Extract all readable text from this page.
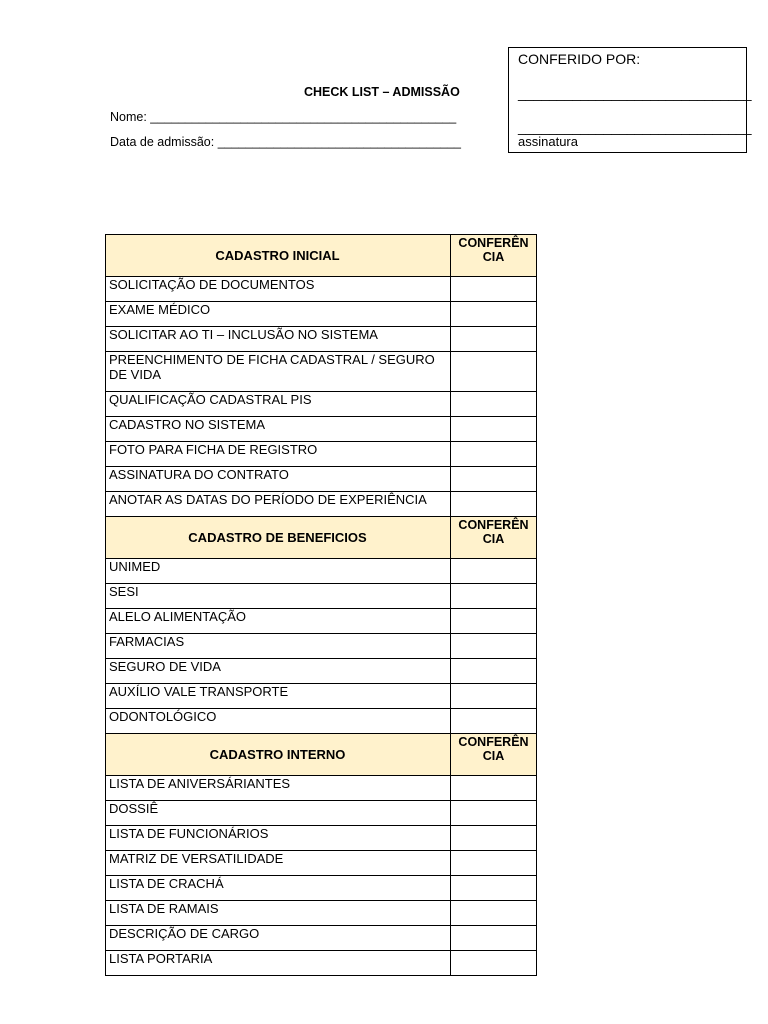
CHECK LIST – ADMISSÃO
Nome: ____________________________________________
Data de admissão: ___________________________________
CONFERIDO POR:
______________________________
______________________________
assinatura
CADASTRO INICIAL	CONFERÊN CIA
SOLICITAÇÃO DE DOCUMENTOS	
EXAME MÉDICO	
SOLICITAR AO TI – INCLUSÃO NO SISTEMA	
PREENCHIMENTO DE FICHA CADASTRAL / SEGURO DE VIDA	
QUALIFICAÇÃO CADASTRAL PIS	
CADASTRO NO SISTEMA	
FOTO PARA FICHA DE REGISTRO	
ASSINATURA DO CONTRATO	
ANOTAR AS DATAS DO PERÍODO DE EXPERIÊNCIA	
CADASTRO DE BENEFICIOS	CONFERÊN CIA
UNIMED	
SESI	
ALELO ALIMENTAÇÃO	
FARMACIAS	
SEGURO DE VIDA	
AUXÍLIO VALE TRANSPORTE	
ODONTOLÓGICO	
CADASTRO INTERNO	CONFERÊN CIA
LISTA DE ANIVERSÁRIANTES	
DOSSIÊ	
LISTA DE FUNCIONÁRIOS	
MATRIZ DE VERSATILIDADE	
LISTA DE CRACHÁ	
LISTA DE RAMAIS	
DESCRIÇÃO DE CARGO	
LISTA PORTARIA	
